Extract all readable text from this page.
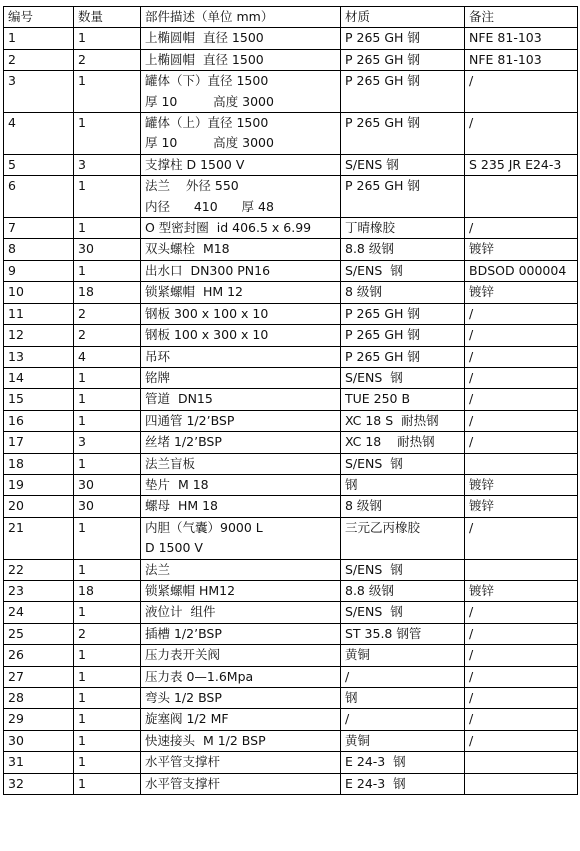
编号	数量	部件描述（单位 mm）	材质	备注
1	1	上椭圆帽  直径 1500	P 265 GH 钢	NFE 81-103
2	2	上椭圆帽  直径 1500	P 265 GH 钢	NFE 81-103
3	1	罐体（下）直径 1500
厚 10         高度 3000	P 265 GH 钢	/
4	1	罐体（上）直径 1500
厚 10         高度 3000	P 265 GH 钢	/
5	3	支撑柱 D 1500 V	S/ENS 钢	S 235 JR E24-3
6	1	法兰    外径 550
内径      410      厚 48	P 265 GH 钢	
7	1	O 型密封圈  id 406.5 x 6.99	丁晴橡胶	/
8	30	双头螺栓  M18	8.8 级钢	镀锌
9	1	出水口  DN300 PN16	S/ENS  钢	BDSOD 000004
10	18	锁紧螺帽  HM 12	8 级钢	镀锌
11	2	钢板 300 x 100 x 10	P 265 GH 钢	/
12	2	钢板 100 x 300 x 10	P 265 GH 钢	/
13	4	吊环	P 265 GH 钢	/
14	1	铭牌	S/ENS  钢	/
15	1	管道  DN15	TUE 250 B	/
16	1	四通管 1/2’BSP	XC 18 S  耐热钢	/
17	3	丝堵 1/2’BSP	XC 18    耐热钢	/
18	1	法兰盲板	S/ENS  钢	
19	30	垫片  M 18	钢	镀锌
20	30	螺母  HM 18	8 级钢	镀锌
21	1	内胆（气囊）9000 L
D 1500 V	三元乙丙橡胶	/
22	1	法兰	S/ENS  钢	
23	18	锁紧螺帽 HM12	8.8 级钢	镀锌
24	1	液位计  组件	S/ENS  钢	/
25	2	插槽 1/2’BSP	ST 35.8 钢管	/
26	1	压力表开关阀	黄铜	/
27	1	压力表 0—1.6Mpa	/	/
28	1	弯头 1/2 BSP	钢	/
29	1	旋塞阀 1/2 MF	/	/
30	1	快速接头  M 1/2 BSP	黄铜	/
31	1	水平管支撑杆	E 24-3  钢	
32	1	水平管支撑杆	E 24-3  钢	
